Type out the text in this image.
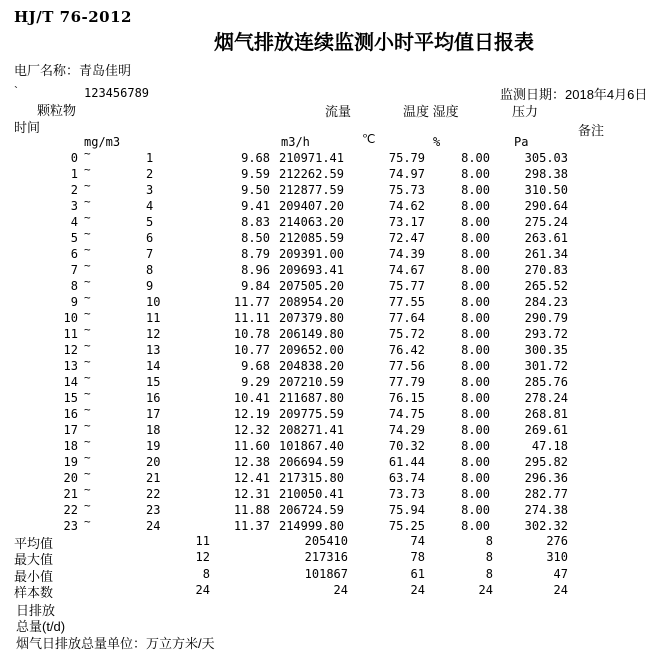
HJ/T 76-2012
烟气排放连续监测小时平均值日报表
电厂名称：青岛佳明
`	123456789	监测日期：2018年4月6日
颗粒物	流量	温度 湿度	压力
时间	备注
mg/m3	m3/h	℃	%	Pa
0 ~	1	9.68 210971.41	75.79	8.00	305.03
1 ~	2	9.59 212262.59	74.97	8.00	298.38
2 ~	3	9.50 212877.59	75.73	8.00	310.50
3 ~	4	9.41 209407.20	74.62	8.00	290.64
4 ~	5	8.83 214063.20	73.17	8.00	275.24
5 ~	6	8.50 212085.59	72.47	8.00	263.61
6 ~	7	8.79 209391.00	74.39	8.00	261.34
7 ~	8	8.96 209693.41	74.67	8.00	270.83
8 ~	9	9.84 207505.20	75.77	8.00	265.52
9 ~	10	11.77 208954.20	77.55	8.00	284.23
10 ~	11	11.11 207379.80	77.64	8.00	290.79
11 ~	12	10.78 206149.80	75.72	8.00	293.72
12 ~	13	10.77 209652.00	76.42	8.00	300.35
13 ~	14	9.68 204838.20	77.56	8.00	301.72
14 ~	15	9.29 207210.59	77.79	8.00	285.76
15 ~	16	10.41 211687.80	76.15	8.00	278.24
16 ~	17	12.19 209775.59	74.75	8.00	268.81
17 ~	18	12.32 208271.41	74.29	8.00	269.61
18 ~	19	11.60 101867.40	70.32	8.00	47.18
19 ~	20	12.38 206694.59	61.44	8.00	295.82
20 ~	21	12.41 217315.80	63.74	8.00	296.36
21 ~	22	12.31 210050.41	73.73	8.00	282.77
22 ~	23	11.88 206724.59	75.94	8.00	274.38
23 ~	24	11.37 214999.80	75.25	8.00	302.32
平均值	11	205410	74	8	276
最大值	12	217316	78	8	310
最小值	8	101867	61	8	47
样本数	24	24	24	24	24
日排放
总量(t/d)
烟气日排放总量单位：万立方米/天
